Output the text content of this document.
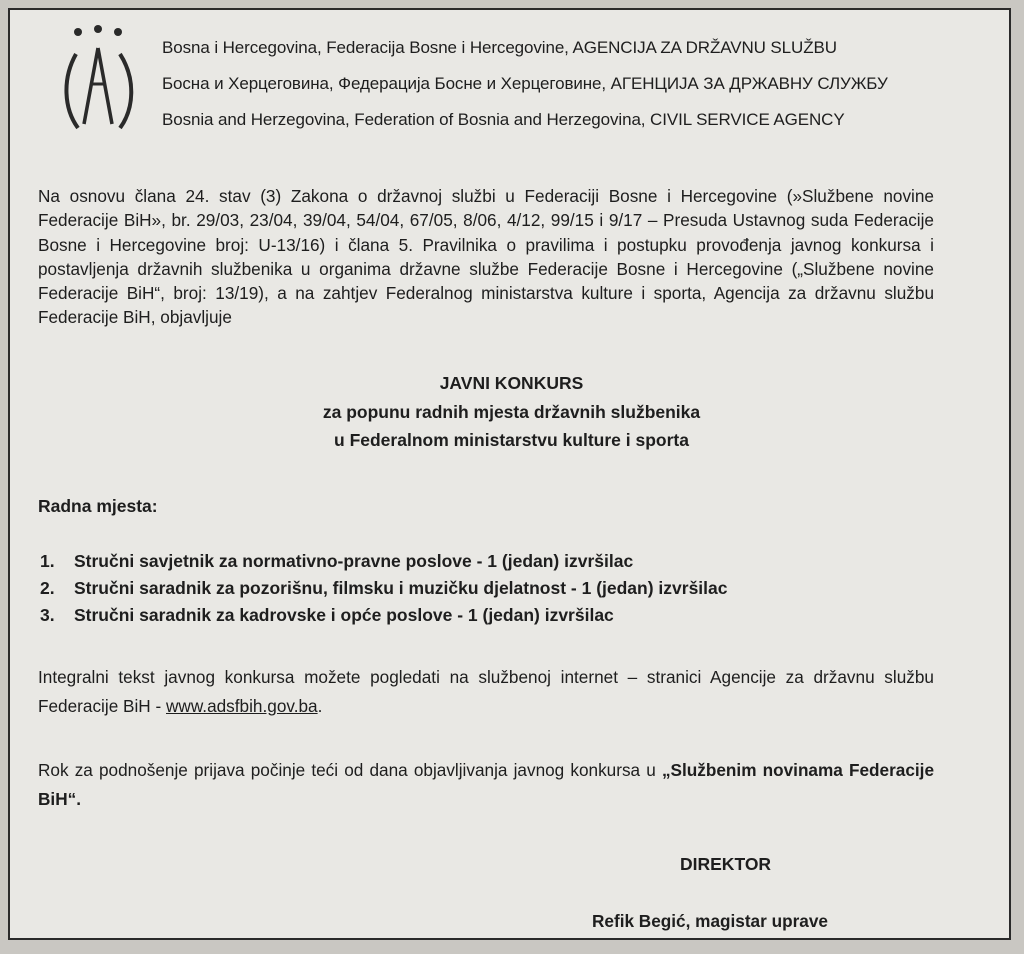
Bosna i Hercegovina, Federacija Bosne i Hercegovine, AGENCIJA ZA DRŽAVNU SLUŽBU
Босна и Херцеговина, Федерација Босне и Херцеговине, АГЕНЦИЈА ЗА ДРЖАВНУ СЛУЖБУ
Bosnia and Herzegovina, Federation of Bosnia and Herzegovina, CIVIL SERVICE AGENCY
Na osnovu člana 24. stav (3) Zakona o državnoj službi u Federaciji Bosne i Hercegovine (»Službene novine Federacije BiH», br. 29/03, 23/04, 39/04, 54/04, 67/05, 8/06, 4/12, 99/15 i 9/17 – Presuda Ustavnog suda Federacije Bosne i Hercegovine broj: U-13/16) i člana 5. Pravilnika o pravilima i postupku provođenja javnog konkursa i postavljenja državnih službenika u organima državne službe Federacije Bosne i Hercegovine („Službene novine Federacije BiH“, broj: 13/19), a na zahtjev Federalnog ministarstva kulture i sporta, Agencija za državnu službu Federacije BiH, objavljuje
JAVNI KONKURS
za popunu radnih mjesta državnih službenika
u Federalnom ministarstvu kulture i sporta
Radna mjesta:
1. Stručni savjetnik za normativno-pravne poslove - 1 (jedan) izvršilac
2. Stručni saradnik za pozorišnu, filmsku i muzičku djelatnost - 1 (jedan) izvršilac
3. Stručni saradnik za kadrovske i opće poslove - 1 (jedan) izvršilac
Integralni tekst javnog konkursa možete pogledati na službenoj internet – stranici Agencije za državnu službu Federacije BiH - www.adsfbih.gov.ba.
Rok za podnošenje prijava počinje teći od dana objavljivanja javnog konkursa u „Službenim novinama Federacije BiH“.
DIREKTOR
Refik Begić, magistar uprave
